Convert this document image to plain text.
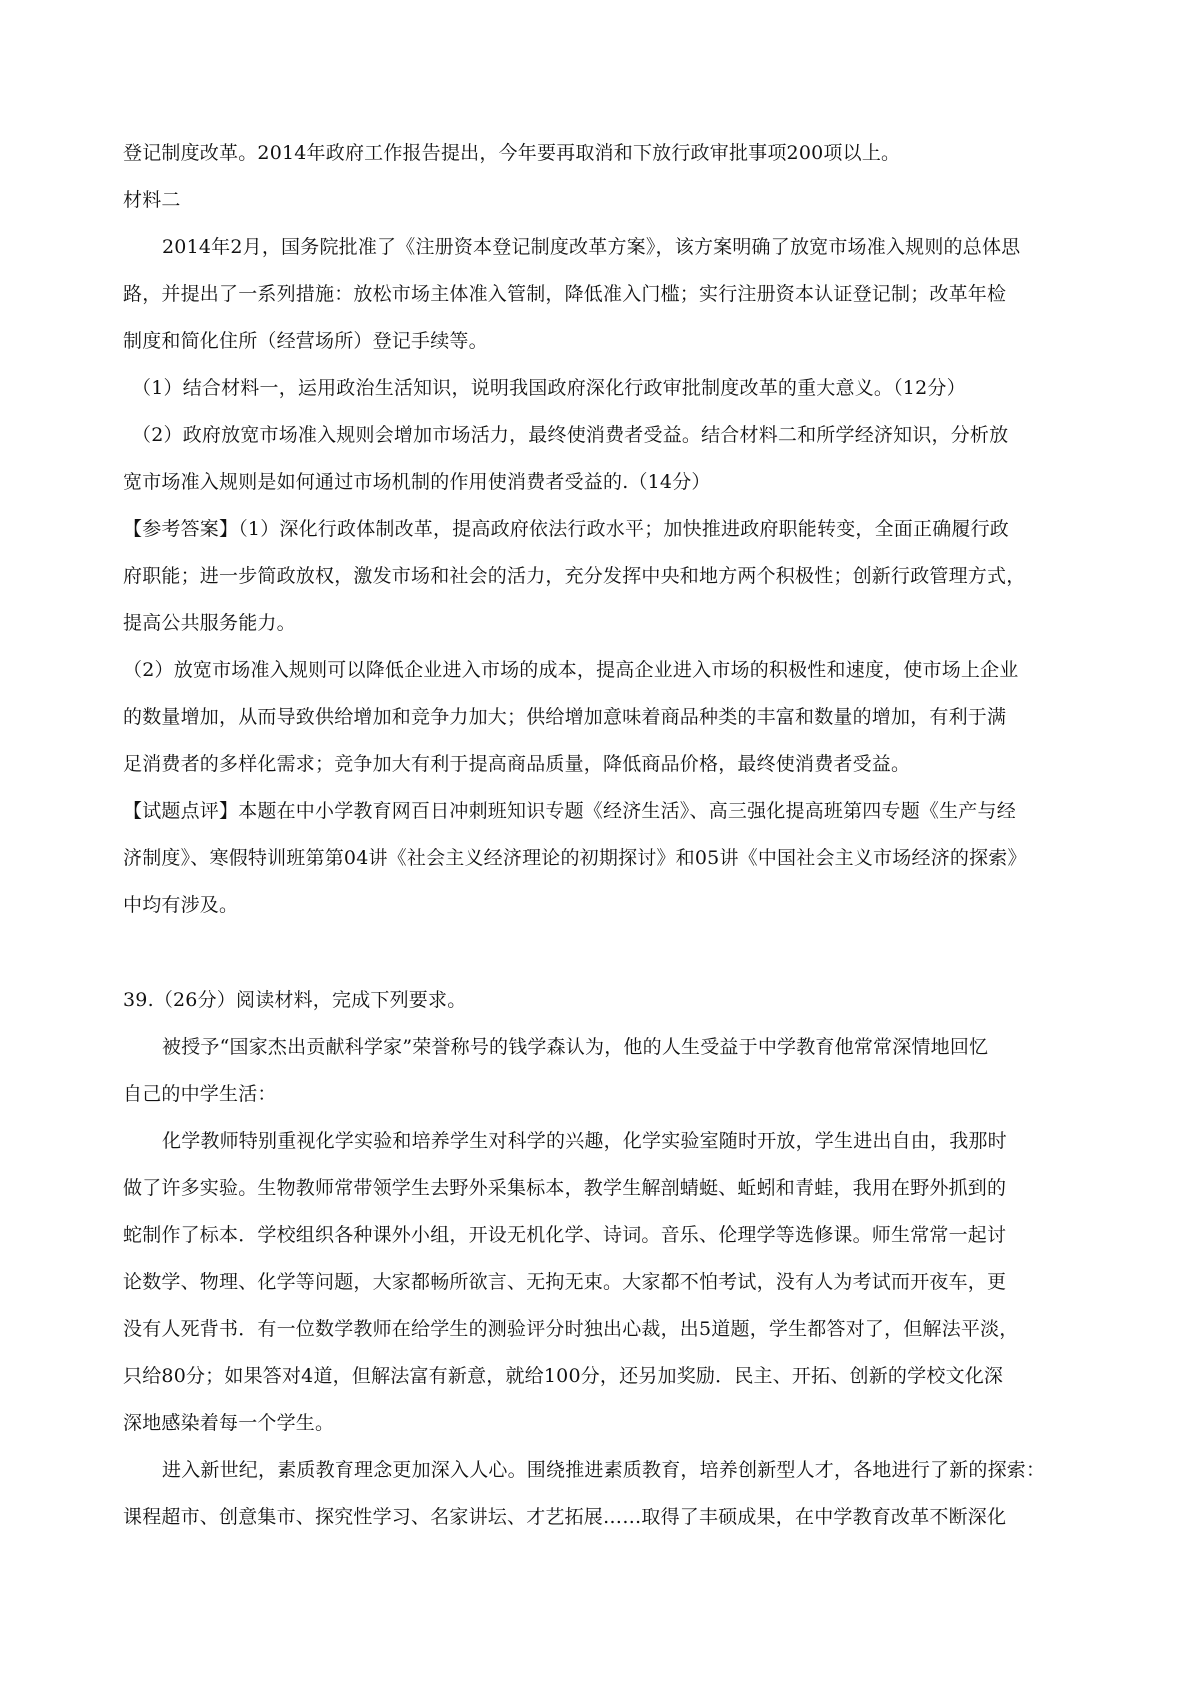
登记制度改革。2014年政府工作报告提出，今年要再取消和下放行政审批事项200项以上。
材料二
2014年2月，国务院批准了《注册资本登记制度改革方案》，该方案明确了放宽市场准入规则的总体思
路，并提出了一系列措施：放松市场主体准入管制，降低准入门槛；实行注册资本认证登记制；改革年检
制度和简化住所（经营场所）登记手续等。
（1）结合材料一，运用政治生活知识，说明我国政府深化行政审批制度改革的重大意义。（12分）
（2）政府放宽市场准入规则会增加市场活力，最终使消费者受益。结合材料二和所学经济知识，分析放
宽市场准入规则是如何通过市场机制的作用使消费者受益的.（14分）
【参考答案】（1）深化行政体制改革，提高政府依法行政水平；加快推进政府职能转变，全面正确履行政
府职能；进一步简政放权，激发市场和社会的活力，充分发挥中央和地方两个积极性；创新行政管理方式，
提高公共服务能力。
（2）放宽市场准入规则可以降低企业进入市场的成本，提高企业进入市场的积极性和速度，使市场上企业
的数量增加，从而导致供给增加和竞争力加大；供给增加意味着商品种类的丰富和数量的增加，有利于满
足消费者的多样化需求；竞争加大有利于提高商品质量，降低商品价格，最终使消费者受益。
【试题点评】本题在中小学教育网百日冲刺班知识专题《经济生活》、高三强化提高班第四专题《生产与经
济制度》、寒假特训班第第04讲《社会主义经济理论的初期探讨》和05讲《中国社会主义市场经济的探索》
中均有涉及。
39.（26分）阅读材料，完成下列要求。
被授予“国家杰出贡献科学家”荣誉称号的钱学森认为，他的人生受益于中学教育他常常深情地回忆
自己的中学生活：
化学教师特别重视化学实验和培养学生对科学的兴趣，化学实验室随时开放，学生进出自由，我那时
做了许多实验。生物教师常带领学生去野外采集标本，教学生解剖蜻蜓、蚯蚓和青蛙，我用在野外抓到的
蛇制作了标本．学校组织各种课外小组，开设无机化学、诗词。音乐、伦理学等选修课。师生常常一起讨
论数学、物理、化学等问题，大家都畅所欲言、无拘无束。大家都不怕考试，没有人为考试而开夜车，更
没有人死背书．有一位数学教师在给学生的测验评分时独出心裁，出5道题，学生都答对了，但解法平淡，
只给80分；如果答对4道，但解法富有新意，就给100分，还另加奖励．民主、开拓、创新的学校文化深
深地感染着每一个学生。
进入新世纪，素质教育理念更加深入人心。围绕推进素质教育，培养创新型人才，各地进行了新的探索：
课程超市、创意集市、探究性学习、名家讲坛、才艺拓展……取得了丰硕成果，在中学教育改革不断深化
